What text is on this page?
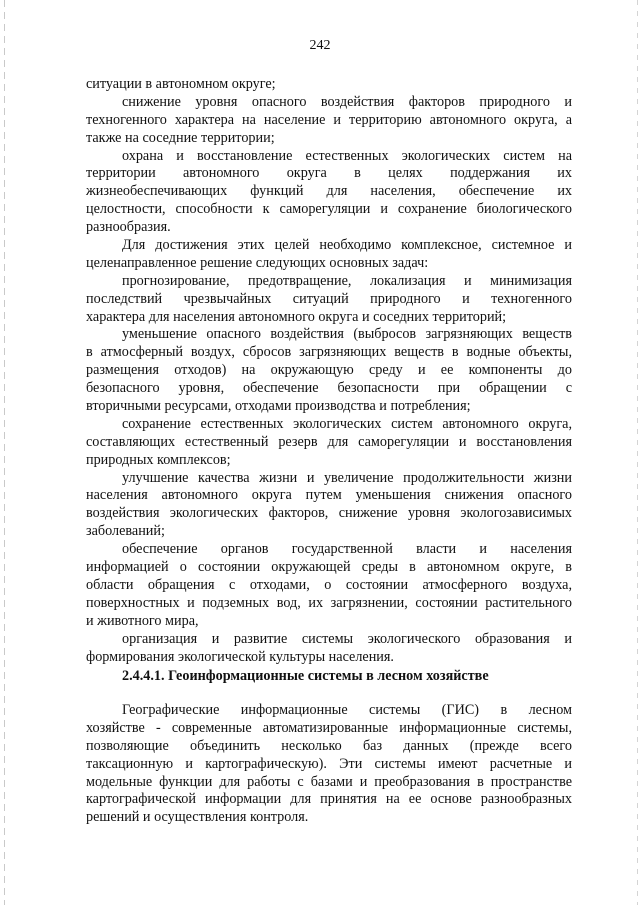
242
ситуации в автономном округе;
снижение уровня опасного воздействия факторов природного и
техногенного характера на население и территорию автономного округа, а
также на соседние территории;
охрана и восстановление естественных экологических систем на
территории автономного округа в целях поддержания их
жизнеобеспечивающих функций для населения, обеспечение их
целостности, способности к саморегуляции и сохранение биологического
разнообразия.
Для достижения этих целей необходимо комплексное, системное и
целенаправленное решение следующих основных задач:
прогнозирование, предотвращение, локализация и минимизация
последствий чрезвычайных ситуаций природного и техногенного
характера для населения автономного округа и соседних территорий;
уменьшение опасного воздействия (выбросов загрязняющих веществ
в атмосферный воздух, сбросов загрязняющих веществ в водные объекты,
размещения отходов) на окружающую среду и ее компоненты до
безопасного уровня, обеспечение безопасности при обращении с
вторичными ресурсами, отходами производства и потребления;
сохранение естественных экологических систем автономного округа,
составляющих естественный резерв для саморегуляции и восстановления
природных комплексов;
улучшение качества жизни и увеличение продолжительности жизни
населения автономного округа путем уменьшения снижения опасного
воздействия экологических факторов, снижение уровня экологозависимых
заболеваний;
обеспечение органов государственной власти и населения
информацией о состоянии окружающей среды в автономном округе, в
области обращения с отходами, о состоянии атмосферного воздуха,
поверхностных и подземных вод, их загрязнении, состоянии растительного
и животного мира,
организация и развитие системы экологического образования и
формирования экологической культуры населения.
2.4.4.1. Геоинформационные системы в лесном хозяйстве
Географические информационные системы (ГИС) в лесном
хозяйстве - современные автоматизированные информационные системы,
позволяющие объединить несколько баз данных (прежде всего
таксационную и картографическую). Эти системы имеют расчетные и
модельные функции для работы с базами и преобразования в пространстве
картографической информации для принятия на ее основе разнообразных
решений и осуществления контроля.
